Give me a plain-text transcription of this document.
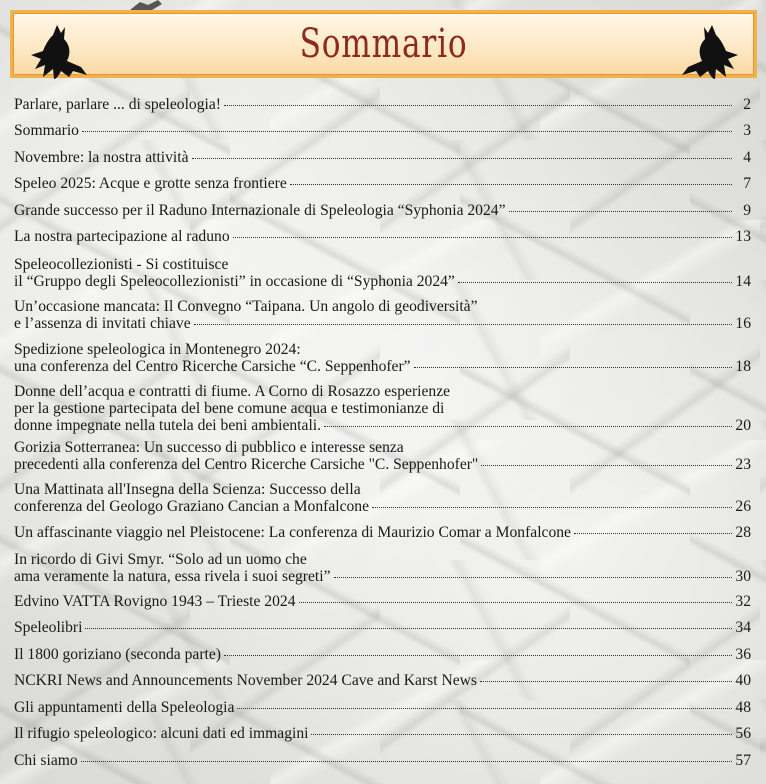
Sommario
Parlare, parlare ... di speleologia!	2
Sommario	3
Novembre: la nostra attività	4
Speleo 2025: Acque e grotte senza frontiere	7
Grande successo per il Raduno Internazionale di Speleologia “Syphonia 2024”	9
La nostra partecipazione al raduno	13
Speleocollezionisti - Si costituisce
il “Gruppo degli Speleocollezionisti” in occasione di “Syphonia 2024”	14
Un’occasione mancata: Il Convegno “Taipana. Un angolo di geodiversità”
e l’assenza di invitati chiave	16
Spedizione speleologica in Montenegro 2024:
una conferenza del Centro Ricerche Carsiche “C. Seppenhofer”	18
Donne dell’acqua e contratti di fiume. A Corno di Rosazzo esperienze
per la gestione partecipata del bene comune acqua e testimonianze di
donne impegnate nella tutela dei beni ambientali.	20
Gorizia Sotterranea: Un successo di pubblico e interesse senza
precedenti alla conferenza del Centro Ricerche Carsiche "C. Seppenhofer"	23
Una Mattinata all'Insegna della Scienza: Successo della
conferenza del Geologo Graziano Cancian a Monfalcone	26
Un affascinante viaggio nel Pleistocene: La conferenza di Maurizio Comar a Monfalcone	28
In ricordo di Givi Smyr. “Solo ad un uomo che
ama veramente la natura, essa rivela i suoi segreti”	30
Edvino VATTA Rovigno 1943 – Trieste 2024	32
Speleolibri	34
Il 1800 goriziano (seconda parte)	36
NCKRI News and Announcements November 2024 Cave and Karst News	40
Gli appuntamenti della Speleologia	48
Il rifugio speleologico: alcuni dati ed immagini	56
Chi siamo	57
